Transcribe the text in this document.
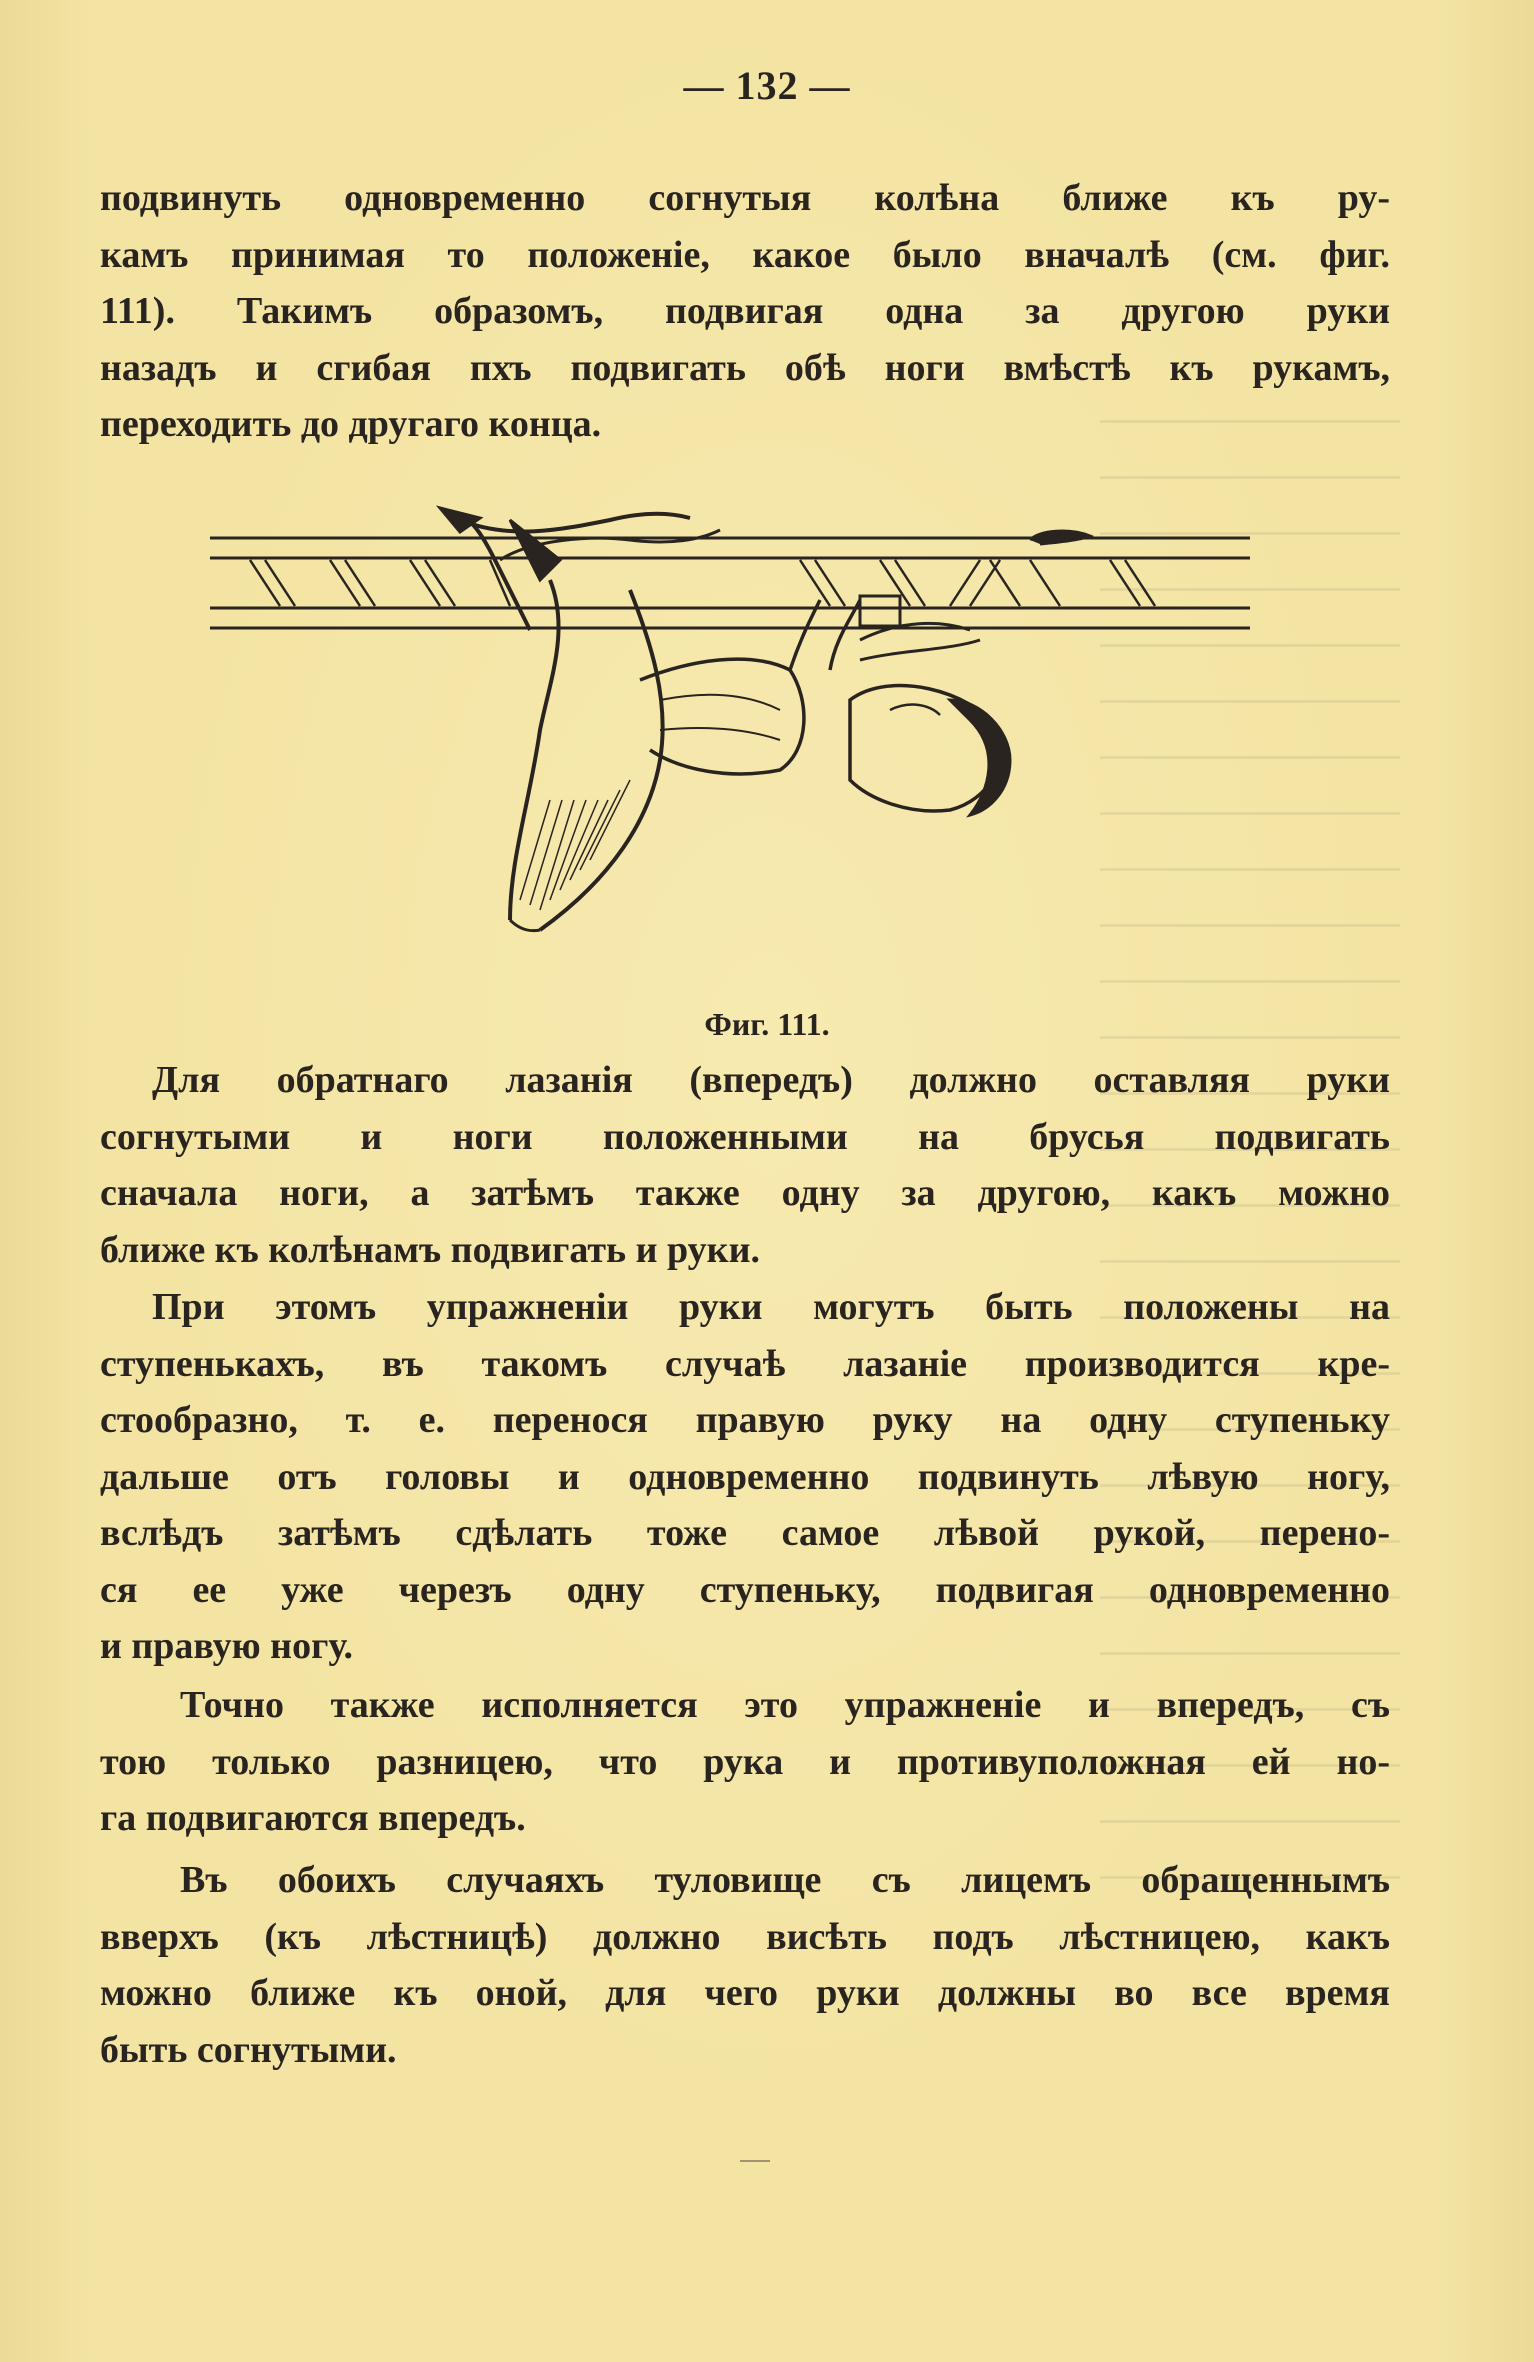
— 132 —
подвинуть одновременно согнутыя колѣна ближе къ ру-
камъ принимая то положеніе, какое было вначалѣ (см. фиг.
111). Такимъ образомъ, подвигая одна за другою руки
назадъ и сгибая пхъ подвигать обѣ ноги вмѣстѣ къ рукамъ,
переходить до другаго конца.
Фиг. 111.
Для обратнаго лазанія (впередъ) должно оставляя руки
согнутыми и ноги положенными на брусья подвигать
сначала ноги, а затѣмъ также одну за другою, какъ можно
ближе къ колѣнамъ подвигать и руки.
При этомъ упражненіи руки могутъ быть положены на
ступенькахъ, въ такомъ случаѣ лазаніе производится кре-
стообразно, т. е. перенося правую руку на одну ступеньку
дальше отъ головы и одновременно подвинуть лѣвую ногу,
вслѣдъ затѣмъ сдѣлать тоже самое лѣвой рукой, перено-
ся ее уже черезъ одну ступеньку, подвигая одновременно
и правую ногу.
Точно также исполняется это упражненіе и впередъ, съ
тою только разницею, что рука и противуположная ей но-
га подвигаются впередъ.
Въ обоихъ случаяхъ туловище съ лицемъ обращеннымъ
вверхъ (къ лѣстницѣ) должно висѣть подъ лѣстницею, какъ
можно ближе къ оной, для чего руки должны во все время
быть согнутыми.
